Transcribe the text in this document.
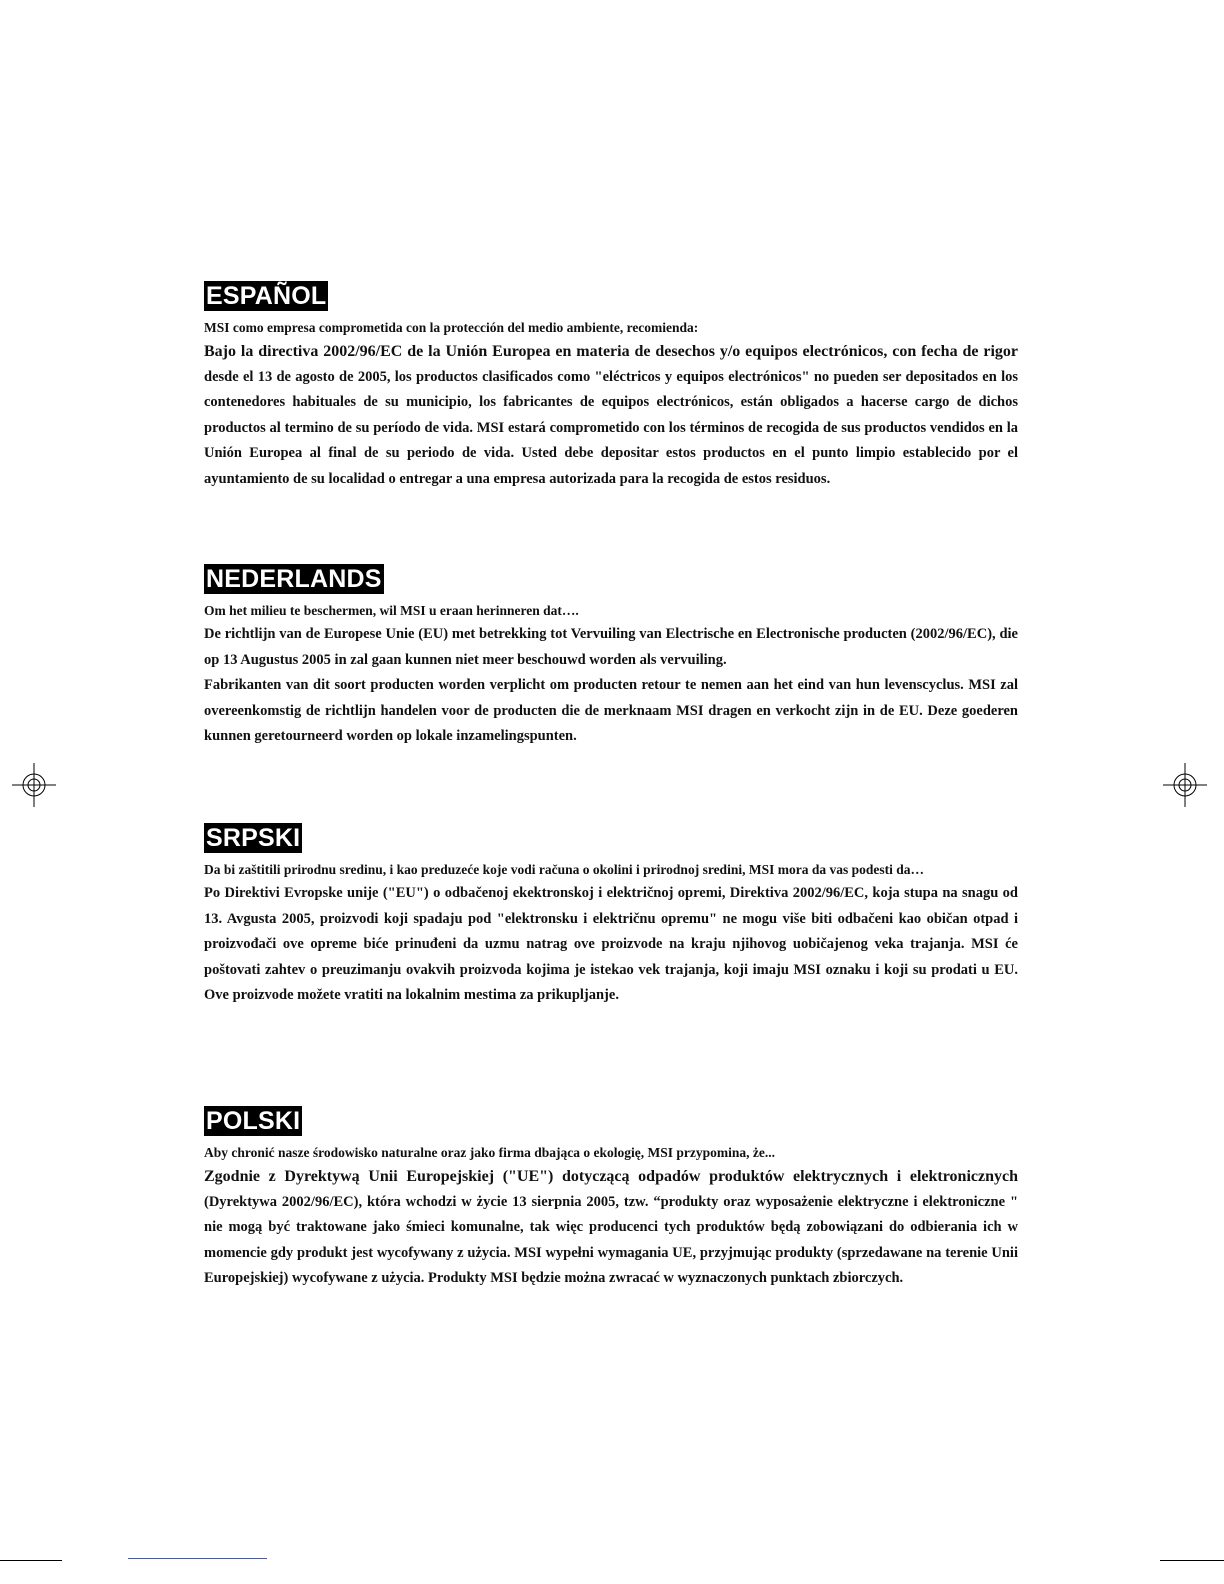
ESPAÑOL

MSI como empresa comprometida con la protección del medio ambiente, recomienda:

Bajo la directiva 2002/96/EC de la Unión Europea en materia de desechos y/o equipos electrónicos, con fecha de rigor desde el 13 de agosto de 2005, los productos clasificados como "eléctricos y equipos electrónicos" no pueden ser depositados en los contenedores habituales de su municipio, los fabricantes de equipos electrónicos, están obligados a hacerse cargo de dichos productos al termino de su período de vida. MSI estará comprometido con los términos de recogida de sus productos vendidos en la Unión Europea al final de su periodo de vida. Usted debe depositar estos productos en el punto limpio establecido por el ayuntamiento de su localidad o entregar a una empresa autorizada para la recogida de estos residuos.

NEDERLANDS

Om het milieu te beschermen, wil MSI u eraan herinneren dat….

De richtlijn van de Europese Unie (EU) met betrekking tot Vervuiling van Electrische en Electronische producten (2002/96/EC), die op 13 Augustus 2005 in zal gaan kunnen niet meer beschouwd worden als vervuiling.

Fabrikanten van dit soort producten worden verplicht om producten retour te nemen aan het eind van hun levenscyclus. MSI zal overeenkomstig de richtlijn handelen voor de producten die de merknaam MSI dragen en verkocht zijn in de EU. Deze goederen kunnen geretourneerd worden op lokale inzamelingspunten.

SRPSKI

Da bi zaštitili prirodnu sredinu, i kao preduzeće koje vodi računa o okolini i prirodnoj sredini, MSI mora da vas podesti da…

Po Direktivi Evropske unije ("EU") o odbačenoj ekektronskoj i električnoj opremi, Direktiva 2002/96/EC, koja stupa na snagu od 13. Avgusta 2005, proizvodi koji spadaju pod "elektronsku i električnu opremu" ne mogu više biti odbačeni kao običan otpad i proizvođači ove opreme biće prinuđeni da uzmu natrag ove proizvode na kraju njihovog uobičajenog veka trajanja. MSI će poštovati zahtev o preuzimanju ovakvih proizvoda kojima je istekao vek trajanja, koji imaju MSI oznaku i koji su prodati u EU. Ove proizvode možete vratiti na lokalnim mestima za prikupljanje.

POLSKI

Aby chronić nasze środowisko naturalne oraz jako firma dbająca o ekologię, MSI przypomina, że...

Zgodnie z Dyrektywą Unii Europejskiej ("UE") dotyczącą odpadów produktów elektrycznych i elektronicznych (Dyrektywa 2002/96/EC), która wchodzi w życie 13 sierpnia 2005, tzw. “produkty oraz wyposażenie elektryczne i elektroniczne " nie mogą być traktowane jako śmieci komunalne, tak więc producenci tych produktów będą zobowiązani do odbierania ich w momencie gdy produkt jest wycofywany z użycia. MSI wypełni wymagania UE, przyjmując produkty (sprzedawane na terenie Unii Europejskiej) wycofywane z użycia. Produkty MSI będzie można zwracać w wyznaczonych punktach zbiorczych.
